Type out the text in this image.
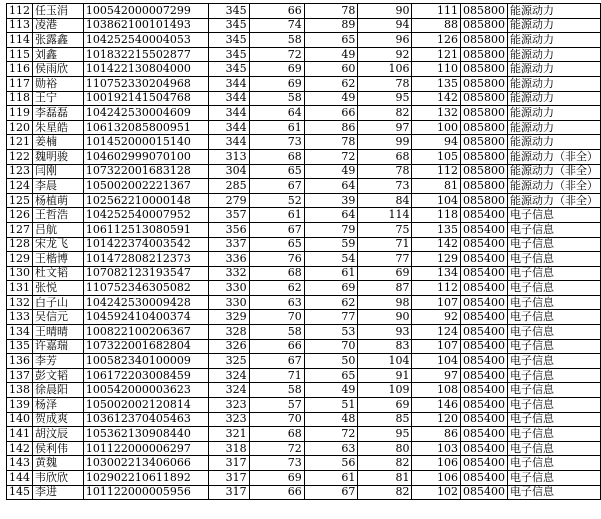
112	任玉涓	100542000007299	345	66	78	90	111	085800	能源动力
113	凌港	103862100101493	345	74	89	94	88	085800	能源动力
114	张露鑫	104252540004053	345	58	65	96	126	085800	能源动力
115	刘鑫	101832215502877	345	72	49	92	121	085800	能源动力
116	侯雨欣	101422130804000	345	69	60	106	110	085800	能源动力
117	勋裕	110752330204968	344	69	62	78	135	085800	能源动力
118	王宁	100192141504768	344	58	49	95	142	085800	能源动力
119	李磊磊	104242530004609	344	64	66	82	132	085800	能源动力
120	朱星皓	106132085800951	344	61	86	97	100	085800	能源动力
121	姜楠	101452000015140	344	73	78	99	94	085800	能源动力
122	魏明骏	104602999070100	313	68	72	68	105	085800	能源动力（非全）
123	闫刚	107322001683128	304	65	49	78	112	085800	能源动力（非全）
124	李晨	105002002221367	285	67	64	73	81	085800	能源动力（非全）
125	杨植萌	102562210000148	279	52	39	84	104	085800	能源动力（非全）
126	王哲浩	104252540007952	357	61	64	114	118	085400	电子信息
127	吕航	106112513080591	356	67	79	75	135	085400	电子信息
128	宋龙飞	101422374003542	337	65	59	71	142	085400	电子信息
129	王楷博	101472808212373	336	76	54	77	129	085400	电子信息
130	杜文韬	107082123193547	332	68	61	69	134	085400	电子信息
131	张悦	110752346305082	330	62	69	87	112	085400	电子信息
132	白子山	104242530009428	330	63	62	98	107	085400	电子信息
133	吴信元	104592410400374	329	70	77	90	92	085400	电子信息
134	王晴晴	100822100206367	328	58	53	93	124	085400	电子信息
135	许嘉瑞	107322001682804	326	66	70	83	107	085400	电子信息
136	李芳	100582340100009	325	67	50	104	104	085400	电子信息
137	彭文韬	106172203008459	324	71	65	91	97	085400	电子信息
138	徐晨阳	100542000003623	324	58	49	109	108	085400	电子信息
139	杨泽	105002002120814	323	57	51	69	146	085400	电子信息
140	贺成爽	103612370405463	323	70	48	85	120	085400	电子信息
141	胡汶辰	105362130908440	321	68	72	95	86	085400	电子信息
142	侯利伟	101122000006297	318	72	63	80	103	085400	电子信息
143	黄魏	103002213406066	317	73	56	82	106	085400	电子信息
144	韦欣欣	102902210611892	317	69	61	81	106	085400	电子信息
145	李进	101122000005956	317	66	67	82	102	085400	电子信息
